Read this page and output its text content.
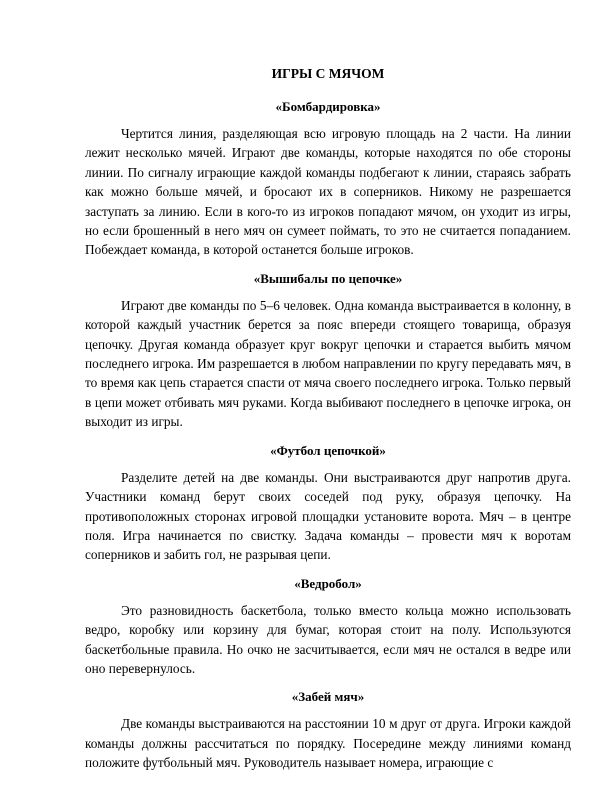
ИГРЫ С МЯЧОМ
«Бомбардировка»

Чертится линия, разделяющая всю игровую площадь на 2 части. На линии лежит несколько мячей. Играют две команды, которые находятся по обе стороны линии. По сигналу играющие каждой команды подбегают к линии, стараясь забрать как можно больше мячей, и бросают их в соперников. Никому не разрешается заступать за линию. Если в кого-то из игроков попадают мячом, он уходит из игры, но если брошенный в него мяч он сумеет поймать, то это не считается попаданием. Побеждает команда, в которой останется больше игроков.

«Вышибалы по цепочке»

Играют две команды по 5–6 человек. Одна команда выстраивается в колонну, в которой каждый участник берется за пояс впереди стоящего товарища, образуя цепочку. Другая команда образует круг вокруг цепочки и старается выбить мячом последнего игрока. Им разрешается в любом направлении по кругу передавать мяч, в то время как цепь старается спасти от мяча своего последнего игрока. Только первый в цепи может отбивать мяч руками. Когда выбивают последнего в цепочке игрока, он выходит из игры.

«Футбол цепочкой»

Разделите детей на две команды. Они выстраиваются друг напротив друга. Участники команд берут своих соседей под руку, образуя цепочку. На противоположных сторонах игровой площадки установите ворота. Мяч – в центре поля. Игра начинается по свистку. Задача команды – провести мяч к воротам соперников и забить гол, не разрывая цепи.

«Ведробол»

Это разновидность баскетбола, только вместо кольца можно использовать ведро, коробку или корзину для бумаг, которая стоит на полу. Используются баскетбольные правила. Но очко не засчитывается, если мяч не остался в ведре или оно перевернулось.

«Забей мяч»

Две команды выстраиваются на расстоянии 10 м друг от друга. Игроки каждой команды должны рассчитаться по порядку. Посередине между линиями команд положите футбольный мяч. Руководитель называет номера, играющие с
